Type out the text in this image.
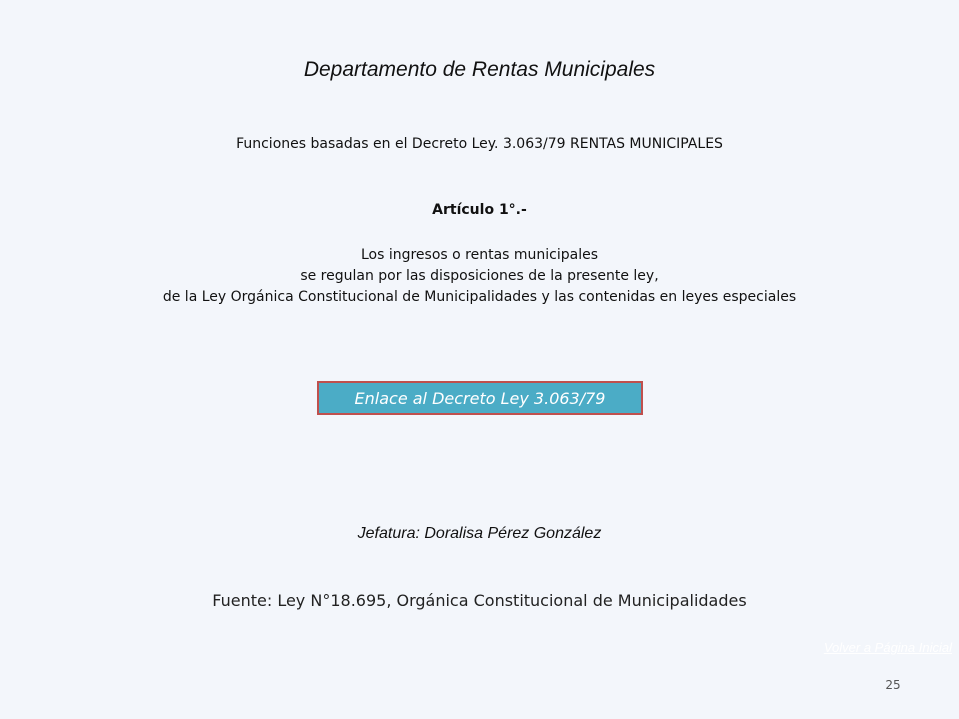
Departamento de Rentas Municipales
Funciones basadas en el Decreto Ley. 3.063/79 RENTAS MUNICIPALES
Artículo 1°.-
Los ingresos o rentas municipales
se regulan por las disposiciones de la presente ley,
de la Ley Orgánica Constitucional de Municipalidades y las contenidas en leyes especiales
Enlace al Decreto Ley 3.063/79
Jefatura: Doralisa Pérez González
Fuente: Ley N°18.695, Orgánica Constitucional de Municipalidades
Volver a Página Inicial
25
